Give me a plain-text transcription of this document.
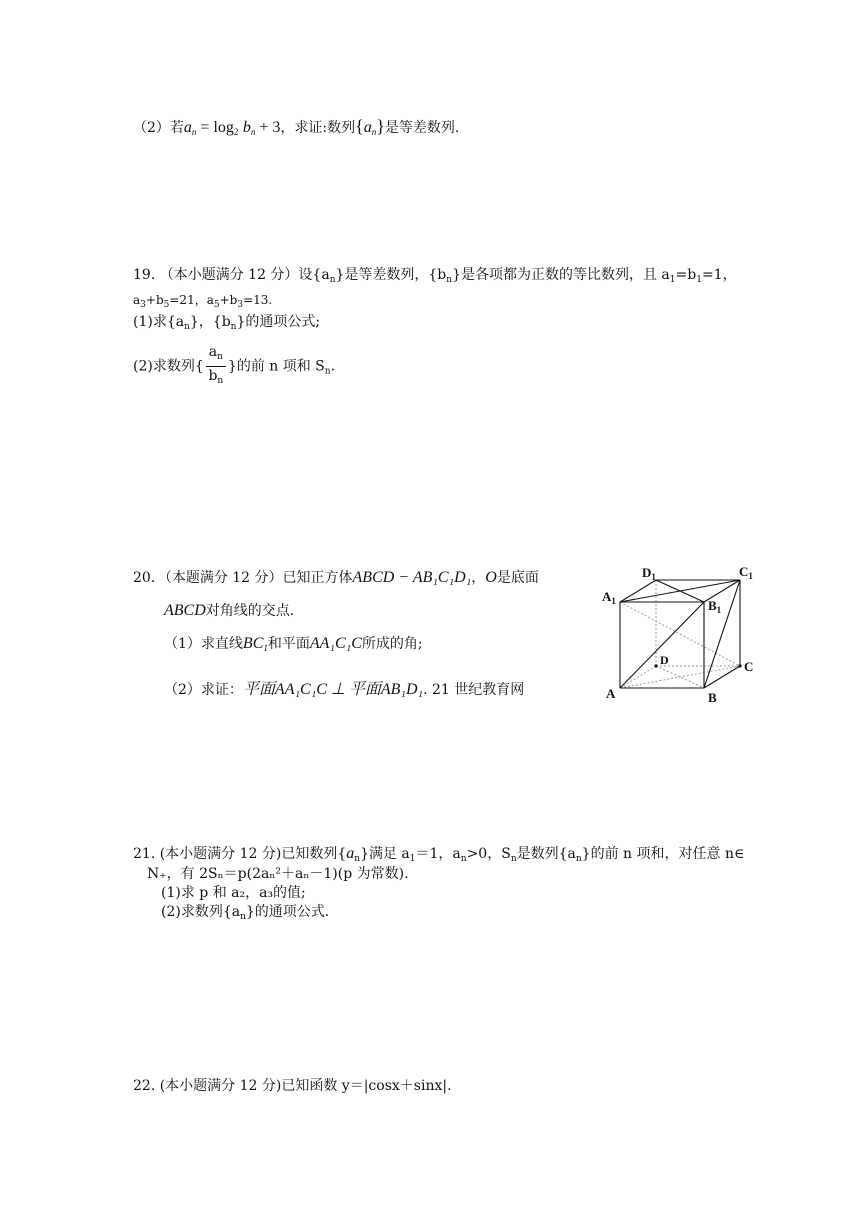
（2）若$a_n = \log_2 b_n + 3$，求证:数列$\{a_n\}$是等差数列.
19. （本小题满分 12 分）设$\{a_n\}$是等差数列，$\{b_n\}$是各项都为正数的等比数列，且 $a_1=b_1=1$，
$a_3+b_5=21$，$a_5+b_3=13$.
(1)求$\{a_n\}$，$\{b_n\}$的通项公式;
(2)求数列{ $\frac{a_n}{b_n}$ }的前 n 项和 $S_n$.
20．（本题满分 12 分）已知正方体ABCD − AB₁C₁D₁，O是底面
ABCD对角线的交点.
（1）求直线$BC_1$和平面AA₁C₁C所成的角;
（2）求证：平面AA₁C₁C ⊥ 平面AB₁D₁. 21 世纪教育网
$D_1$	$C_1$
$A_1$	$B_1$
D	C
A	B
21. (本小题满分 12 分)已知数列$\{a_n\}$满足 $a_1=1$，$a_n>0$，$S_n$是数列$\{a_n\}$的前 n 项和，对任意 n∈
N₊，有 2Sₙ＝p(2aₙ²＋aₙ－1)(p 为常数).
(1)求 p 和 a₂，a₃的值;
(2)求数列$\{a_n\}$的通项公式.
22. (本小题满分 12 分)已知函数 y＝|cosx＋sinx|.
